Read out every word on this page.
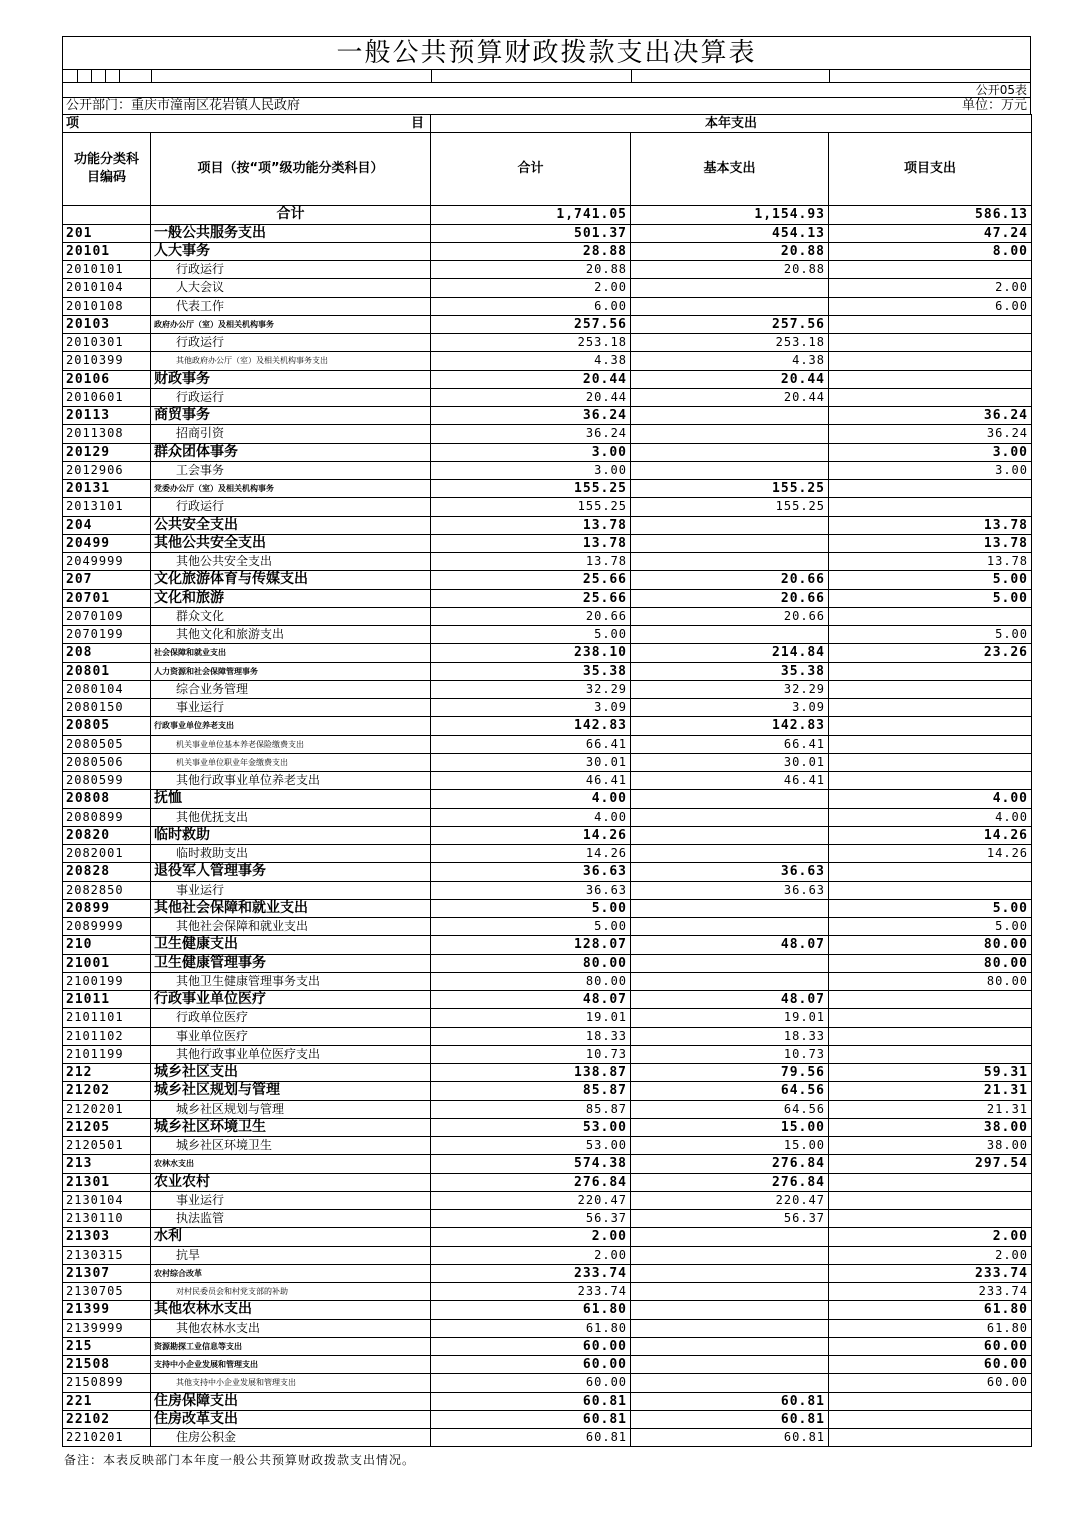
一般公共预算财政拨款支出决算表
公开05表
公开部门：重庆市潼南区花岩镇人民政府	单位：万元
项 目		本年支出		
功能分类科目编码	项目（按“项”级功能分类科目）	合计	基本支出	项目支出
	合计	1,741.05	1,154.93	586.13
201	一般公共服务支出	501.37	454.13	47.24
20101	人大事务	28.88	20.88	8.00
2010101	行政运行	20.88	20.88	
2010104	人大会议	2.00		2.00
2010108	代表工作	6.00		6.00
20103	政府办公厅（室）及相关机构事务	257.56	257.56	
2010301	行政运行	253.18	253.18	
2010399	其他政府办公厅（室）及相关机构事务支出	4.38	4.38	
20106	财政事务	20.44	20.44	
2010601	行政运行	20.44	20.44	
20113	商贸事务	36.24		36.24
2011308	招商引资	36.24		36.24
20129	群众团体事务	3.00		3.00
2012906	工会事务	3.00		3.00
20131	党委办公厅（室）及相关机构事务	155.25	155.25	
2013101	行政运行	155.25	155.25	
204	公共安全支出	13.78		13.78
20499	其他公共安全支出	13.78		13.78
2049999	其他公共安全支出	13.78		13.78
207	文化旅游体育与传媒支出	25.66	20.66	5.00
20701	文化和旅游	25.66	20.66	5.00
2070109	群众文化	20.66	20.66	
2070199	其他文化和旅游支出	5.00		5.00
208	社会保障和就业支出	238.10	214.84	23.26
20801	人力资源和社会保障管理事务	35.38	35.38	
2080104	综合业务管理	32.29	32.29	
2080150	事业运行	3.09	3.09	
20805	行政事业单位养老支出	142.83	142.83	
2080505	机关事业单位基本养老保险缴费支出	66.41	66.41	
2080506	机关事业单位职业年金缴费支出	30.01	30.01	
2080599	其他行政事业单位养老支出	46.41	46.41	
20808	抚恤	4.00		4.00
2080899	其他优抚支出	4.00		4.00
20820	临时救助	14.26		14.26
2082001	临时救助支出	14.26		14.26
20828	退役军人管理事务	36.63	36.63	
2082850	事业运行	36.63	36.63	
20899	其他社会保障和就业支出	5.00		5.00
2089999	其他社会保障和就业支出	5.00		5.00
210	卫生健康支出	128.07	48.07	80.00
21001	卫生健康管理事务	80.00		80.00
2100199	其他卫生健康管理事务支出	80.00		80.00
21011	行政事业单位医疗	48.07	48.07	
2101101	行政单位医疗	19.01	19.01	
2101102	事业单位医疗	18.33	18.33	
2101199	其他行政事业单位医疗支出	10.73	10.73	
212	城乡社区支出	138.87	79.56	59.31
21202	城乡社区规划与管理	85.87	64.56	21.31
2120201	城乡社区规划与管理	85.87	64.56	21.31
21205	城乡社区环境卫生	53.00	15.00	38.00
2120501	城乡社区环境卫生	53.00	15.00	38.00
213	农林水支出	574.38	276.84	297.54
21301	农业农村	276.84	276.84	
2130104	事业运行	220.47	220.47	
2130110	执法监管	56.37	56.37	
21303	水利	2.00		2.00
2130315	抗旱	2.00		2.00
21307	农村综合改革	233.74		233.74
2130705	对村民委员会和村党支部的补助	233.74		233.74
21399	其他农林水支出	61.80		61.80
2139999	其他农林水支出	61.80		61.80
215	资源勘探工业信息等支出	60.00		60.00
21508	支持中小企业发展和管理支出	60.00		60.00
2150899	其他支持中小企业发展和管理支出	60.00		60.00
221	住房保障支出	60.81	60.81	
22102	住房改革支出	60.81	60.81	
2210201	住房公积金	60.81	60.81	
备注：本表反映部门本年度一般公共预算财政拨款支出情况。
